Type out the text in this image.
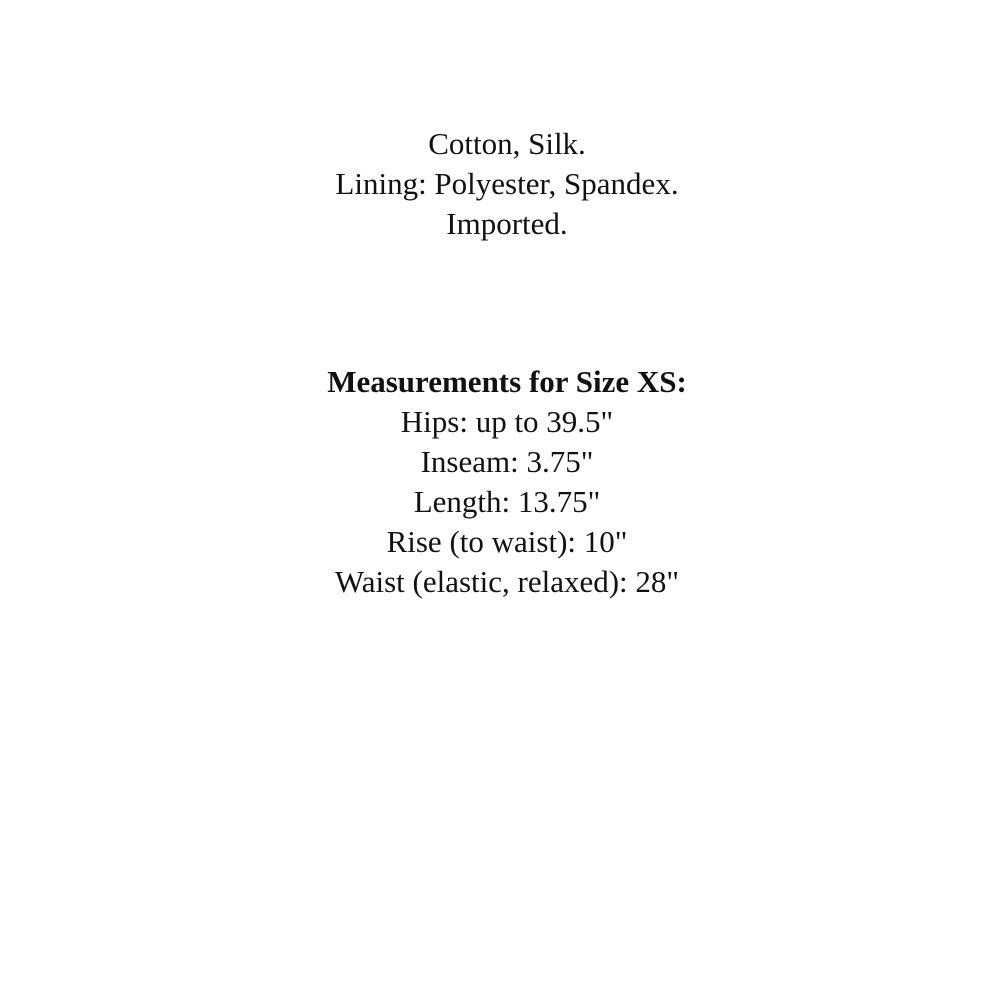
Cotton, Silk.
Lining: Polyester, Spandex.
Imported.
Measurements for Size XS:
Hips: up to 39.5"
Inseam: 3.75"
Length: 13.75"
Rise (to waist): 10"
Waist (elastic, relaxed): 28"
